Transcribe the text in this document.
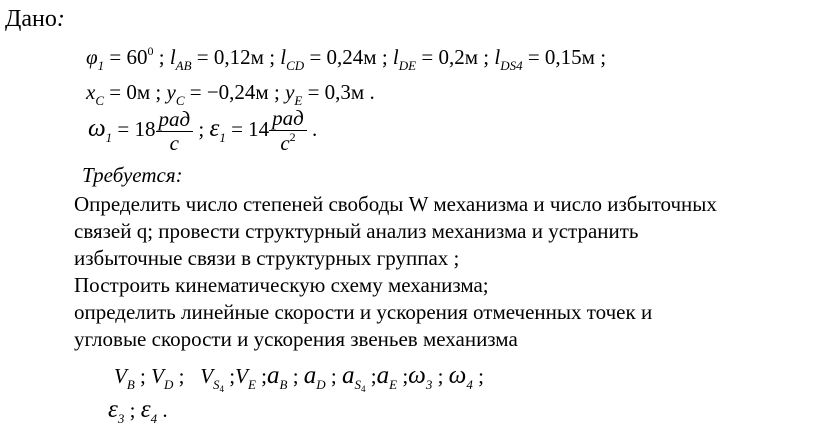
Дано:
$\varphi_1 = 60^0$ ; $l_{AB} = 0,12м$ ; $l_{CD} = 0,24м$ ; $l_{DE} = 0,2м$ ; $l_{DS4} = 0,15м$ ;
$x_C = 0м$ ; $y_C = -0,24м$ ; $y_E = 0,3м$ .
$\omega_1 = 18 \frac{\text{рад}}{с}$ ; $\varepsilon_1 = 14 \frac{\text{рад}}{с^2}$ .
Требуется:
Определить число степеней свободы W механизма и число избыточных
связей q; провести структурный анализ механизма и устранить
избыточные связи в структурных группах ;
Построить кинематическую схему механизма;
определить линейные скорости и ускорения отмеченных точек и
угловые скорости и ускорения звеньев механизма
$V_B$ ; $V_D$ ;   $V_{S_4}$ $;V_E$ $;a_B$ ; $a_D$ ; $a_{S_4}$ $;a_E$ $;\omega_3$ ; $\omega_4$ ;
$\varepsilon_3$ ; $\varepsilon_4$ .
